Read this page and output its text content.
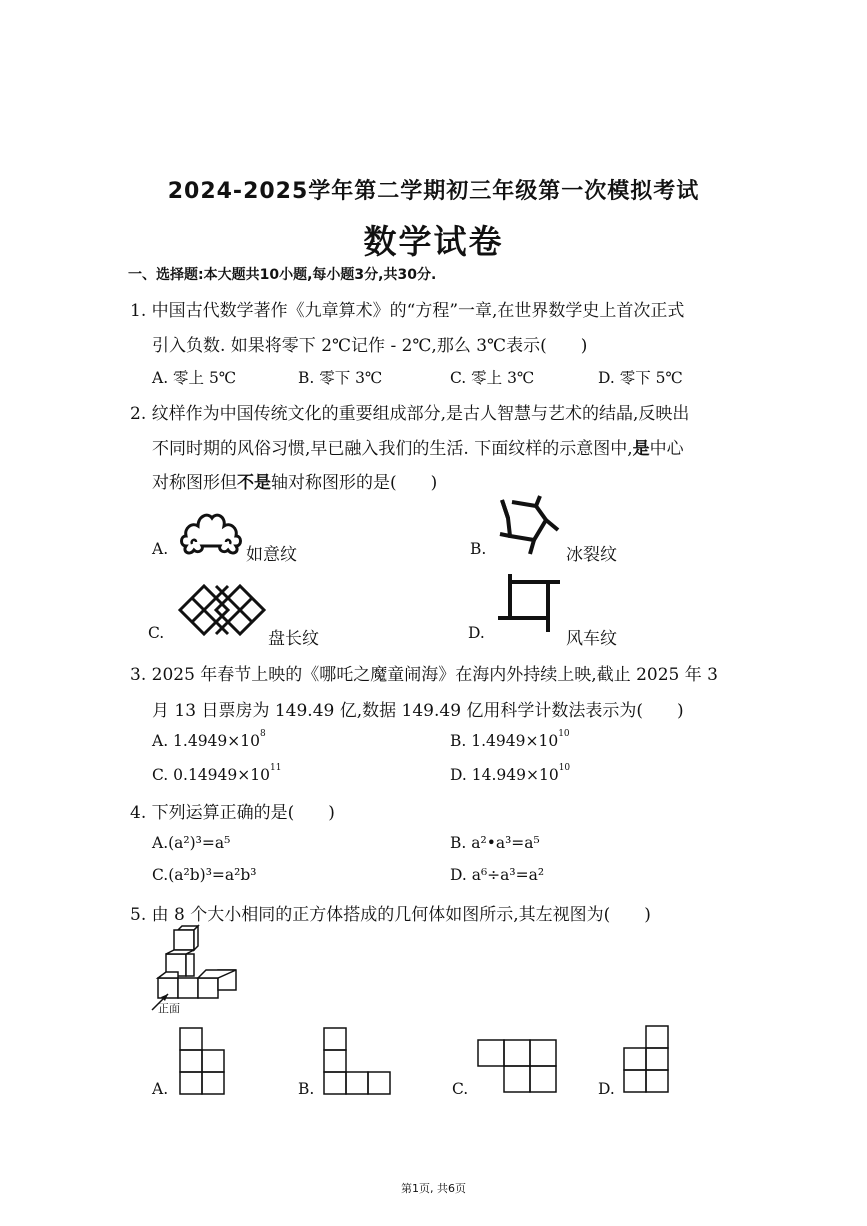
2024-2025学年第二学期初三年级第一次模拟考试
数学试卷
一、选择题:本大题共10小题,每小题3分,共30分.
1. 中国古代数学著作《九章算术》的“方程”一章,在世界数学史上首次正式
引入负数. 如果将零下 2℃记作 - 2℃,那么 3℃表示(　　)
A. 零上 5℃	B. 零下 3℃	C. 零上 3℃	D. 零下 5℃
2. 纹样作为中国传统文化的重要组成部分,是古人智慧与艺术的结晶,反映出
不同时期的风俗习惯,早已融入我们的生活. 下面纹样的示意图中,是中心
对称图形但不是轴对称图形的是(　　)
A.	如意纹	B.	冰裂纹
C.	盘长纹	D.	风车纹
3. 2025 年春节上映的《哪吒之魔童闹海》在海内外持续上映,截止 2025 年 3
月 13 日票房为 149.49 亿,数据 149.49 亿用科学计数法表示为(　　)
A. $1.4949\times 10^8$	B. $1.4949\times 10^{10}$
C. $0.14949\times 10^{11}$	D. $14.949\times 10^{10}$
4. 下列运算正确的是(　　)
A.(a²)³=a⁵	B. a²•a³=a⁵
C.(a²b)³=a²b³	D. a⁶÷a³=a²
5. 由 8 个大小相同的正方体搭成的几何体如图所示,其左视图为(　　)
正面
A.	B.	C.	D.
第1页, 共6页
